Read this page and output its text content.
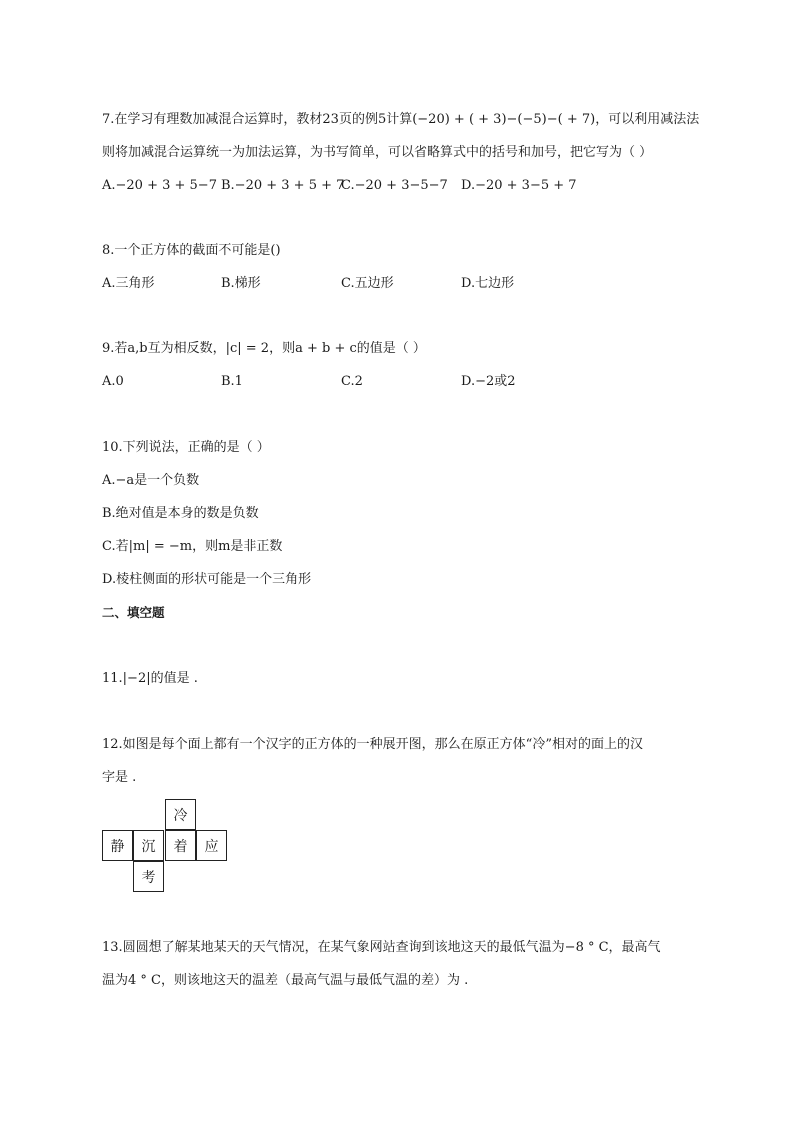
7.在学习有理数加减混合运算时，教材23页的例5计算(−20) + ( + 3)−(−5)−( + 7)，可以利用减法法
则将加减混合运算统一为加法运算，为书写简单，可以省略算式中的括号和加号，把它写为（ ）
A.−20 + 3 + 5−7 B.−20 + 3 + 5 + 7
C.−20 + 3−5−7 D.−20 + 3−5 + 7
8.一个正方体的截面不可能是()
A.三角形	B.梯形	C.五边形	D.七边形
9.若a,b互为相反数，|c| = 2，则a + b + c的值是（ ）
A.0	B.1	C.2	D.−2或2
10.下列说法，正确的是（ ）
A.−a是一个负数
B.绝对值是本身的数是负数
C.若|m| = −m，则m是非正数
D.棱柱侧面的形状可能是一个三角形
二、填空题
11.|−2|的值是 .
12.如图是每个面上都有一个汉字的正方体的一种展开图，那么在原正方体“冷”相对的面上的汉
字是 .
冷
静	沉	着	应
考
13.圆圆想了解某地某天的天气情况，在某气象网站查询到该地这天的最低气温为−8 ° C，最高气
温为4 ° C，则该地这天的温差（最高气温与最低气温的差）为 .
